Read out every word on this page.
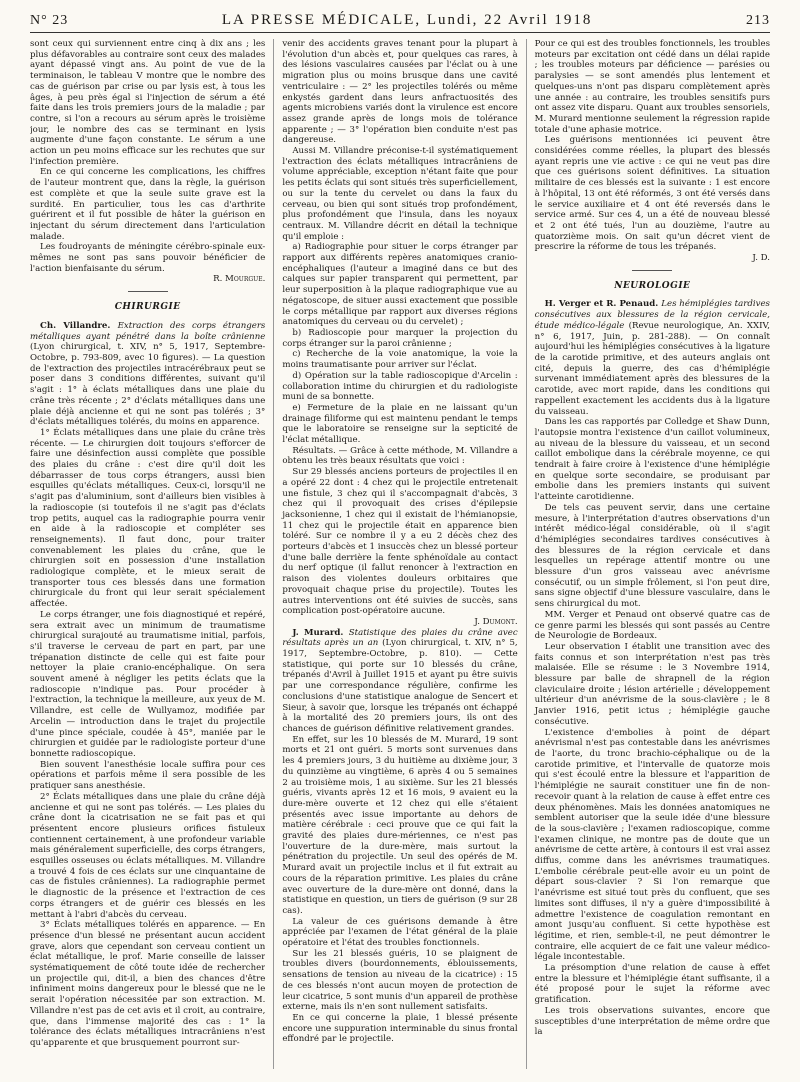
N° 23	LA PRESSE MÉDICALE, Lundi, 22 Avril 1918	213

sont ceux qui surviennent entre cinq à dix ans ; les plus défavorables au contraire sont ceux des malades ayant dépassé vingt ans. Au point de vue de la terminaison, le tableau V montre que le nombre des cas de guérison par crise ou par lysis est, à tous les âges, à peu près égal si l'injection de sérum a été faite dans les trois premiers jours de la maladie ; par contre, si l'on a recours au sérum après le troisième jour, le nombre des cas se terminant en lysis augmente d'une façon constante. Le sérum a une action un peu moins efficace sur les rechutes que sur l'infection première.

En ce qui concerne les complications, les chiffres de l'auteur montrent que, dans la règle, la guérison est complète et que la seule suite grave est la surdité. En particulier, tous les cas d'arthrite guérirent et il fut possible de hâter la guérison en injectant du sérum directement dans l'articulation malade.

Les foudroyants de méningite cérébro-spinale eux-mêmes ne sont pas sans pouvoir bénéficier de l'action bienfaisante du sérum.

R. Mourgue.
CHIRURGIE

Ch. Villandre. Extraction des corps étrangers métalliques ayant pénétré dans la boîte crânienne (Lyon chirurgical, t. XIV, n° 5, 1917, Septembre-Octobre, p. 793-809, avec 10 figures). — La question de l'extraction des projectiles intracérébraux peut se poser dans 3 conditions différentes, suivant qu'il s'agit : 1° à éclats métalliques dans une plaie du crâne très récente ; 2° d'éclats métalliques dans une plaie déjà ancienne et qui ne sont pas tolérés ; 3° d'éclats métalliques tolérés, du moins en apparence.

1° Éclats métalliques dans une plaie du crâne très récente. — Le chirurgien doit toujours s'efforcer de faire une désinfection aussi complète que possible des plaies du crâne : c'est dire qu'il doit les débarrasser de tous corps étrangers, aussi bien esquilles qu'éclats métalliques. Ceux-ci, lorsqu'il ne s'agit pas d'aluminium, sont d'ailleurs bien visibles à la radioscopie (si toutefois il ne s'agit pas d'éclats trop petits, auquel cas la radiographie pourra venir en aide à la radioscopie et compléter ses renseignements). Il faut donc, pour traiter convenablement les plaies du crâne, que le chirurgien soit en possession d'une installation radiologique complète, et le mieux serait de transporter tous ces blessés dans une formation chirurgicale du front qui leur serait spécialement affectée.

Le corps étranger, une fois diagnostiqué et repéré, sera extrait avec un minimum de traumatisme chirurgical surajouté au traumatisme initial, parfois, s'il traverse le cerveau de part en part, par une trépanation distincte de celle qui est faite pour nettoyer la plaie cranio-encéphalique. On sera souvent amené à négliger les petits éclats que la radioscopie n'indique pas. Pour procéder à l'extraction, la technique la meilleure, aux yeux de M. Villandre, est celle de Wullyamoz, modifiée par Arcelin — introduction dans le trajet du projectile d'une pince spéciale, coudée à 45°, maniée par le chirurgien et guidée par le radiologiste porteur d'une bonnette radioscopique.

Bien souvent l'anesthésie locale suffira pour ces opérations et parfois même il sera possible de les pratiquer sans anesthésie.

2° Éclats métalliques dans une plaie du crâne déjà ancienne et qui ne sont pas tolérés. — Les plaies du crâne dont la cicatrisation ne se fait pas et qui présentent encore plusieurs orifices fistuleux contiennent certainement, à une profondeur variable mais généralement superficielle, des corps étrangers, esquilles osseuses ou éclats métalliques. M. Villandre a trouvé 4 fois de ces éclats sur une cinquantaine de cas de fistules crâniennes). La radiographie permet le diagnostic de la présence et l'extraction de ces corps étrangers et de guérir ces blessés en les mettant à l'abri d'abcès du cerveau.

3° Éclats métalliques tolérés en apparence. — En présence d'un blessé ne présentant aucun accident grave, alors que cependant son cerveau contient un éclat métallique, le prof. Marie conseille de laisser systématiquement de côté toute idée de rechercher un projectile qui, dit-il, a bien des chances d'être infiniment moins dangereux pour le blessé que ne le serait l'opération nécessitée par son extraction. M. Villandre n'est pas de cet avis et il croit, au contraire, que, dans l'immense majorité des cas : 1° la tolérance des éclats métalliques intracrâniens n'est qu'apparente et que brusquement pourront sur-

venir des accidents graves tenant pour la plupart à l'évolution d'un abcès et, pour quelques cas rares, à des lésions vasculaires causées par l'éclat ou à une migration plus ou moins brusque dans une cavité ventriculaire : — 2° les projectiles tolérés ou même enkystés gardent dans leurs anfractuosités des agents microbiens variés dont la virulence est encore assez grande après de longs mois de tolérance apparente ; — 3° l'opération bien conduite n'est pas dangereuse.

Aussi M. Villandre préconise-t-il systématiquement l'extraction des éclats métalliques intracrâniens de volume appréciable, exception n'étant faite que pour les petits éclats qui sont situés très superficiellement, ou sur la tente du cervelet ou dans la faux du cerveau, ou bien qui sont situés trop profondément, plus profondément que l'insula, dans les noyaux centraux. M. Villandre décrit en détail la technique qu'il emploie :

a) Radiographie pour situer le corps étranger par rapport aux différents repères anatomiques cranio-encéphaliques (l'auteur a imaginé dans ce but des calques sur papier transparent qui permettent, par leur superposition à la plaque radiographique vue au négatoscope, de situer aussi exactement que possible le corps métallique par rapport aux diverses régions anatomiques du cerveau ou du cervelet) ;

b) Radioscopie pour marquer la projection du corps étranger sur la paroi crânienne ;

c) Recherche de la voie anatomique, la voie la moins traumatisante pour arriver sur l'éclat.

d) Opération sur la table radioscopique d'Arcelin : collaboration intime du chirurgien et du radiologiste muni de sa bonnette.

e) Fermeture de la plaie en ne laissant qu'un drainage filiforme qui est maintenu pendant le temps que le laboratoire se renseigne sur la septicité de l'éclat métallique.

Résultats. — Grâce à cette méthode, M. Villandre a obtenu les très beaux résultats que voici :

Sur 29 blessés anciens porteurs de projectiles il en a opéré 22 dont : 4 chez qui le projectile entretenait une fistule, 3 chez qui il s'accompagnait d'abcès, 3 chez qui il provoquait des crises d'épilepsie jacksonienne, 1 chez qui il existait de l'hémianopsie, 11 chez qui le projectile était en apparence bien toléré. Sur ce nombre il y a eu 2 décès chez des porteurs d'abcès et 1 insuccès chez un blessé porteur d'une balle derrière la fente sphénoïdale au contact du nerf optique (il fallut renoncer à l'extraction en raison des violentes douleurs orbitaires que provoquait chaque prise du projectile). Toutes les autres interventions ont été suivies de succès, sans complication post-opératoire aucune.

J. Dumont.

J. Murard. Statistique des plaies du crâne avec résultats après un an (Lyon chirurgical, t. XIV, n° 5, 1917, Septembre-Octobre, p. 810). — Cette statistique, qui porte sur 10 blessés du crâne, trépanés d'Avril à Juillet 1915 et ayant pu être suivis par une correspondance régulière, confirme les conclusions d'une statistique analogue de Sencert et Sieur, à savoir que, lorsque les trépanés ont échappé à la mortalité des 20 premiers jours, ils ont des chances de guérison définitive relativement grandes.

En effet, sur les 10 blessés de M. Murard, 19 sont morts et 21 ont guéri. 5 morts sont survenues dans les 4 premiers jours, 3 du huitième au dixième jour, 3 du quinzième au vingtième, 6 après 4 ou 5 semaines 2 au troisième mois, 1 au sixième. Sur les 21 blessés guéris, vivants après 12 et 16 mois, 9 avaient eu la dure-mère ouverte et 12 chez qui elle s'étaient présentés avec issue importante au dehors de matière cérébrale : ceci prouve que ce qui fait la gravité des plaies dure-mériennes, ce n'est pas l'ouverture de la dure-mère, mais surtout la pénétration du projectile. Un seul des opérés de M. Murard avait un projectile inclus et il fut extrait au cours de la réparation primitive. Les plaies du crâne avec ouverture de la dure-mère ont donné, dans la statistique en question, un tiers de guérison (9 sur 28 cas).

La valeur de ces guérisons demande à être appréciée par l'examen de l'état général de la plaie opératoire et l'état des troubles fonctionnels.

Sur les 21 blessés guéris, 10 se plaignent de troubles divers (bourdonnements, éblouissements, sensations de tension au niveau de la cicatrice) : 15 de ces blessés n'ont aucun moyen de protection de leur cicatrice, 5 sont munis d'un appareil de prothèse externe, mais ils n'en sont nullement satisfaits.

En ce qui concerne la plaie, 1 blessé présente encore une suppuration interminable du sinus frontal effondré par le projectile.

Pour ce qui est des troubles fonctionnels, les troubles moteurs par excitation ont cédé dans un délai rapide ; les troubles moteurs par déficience — parésies ou paralysies — se sont amendés plus lentement et quelques-uns n'ont pas disparu complètement après une année : au contraire, les troubles sensitifs purs ont assez vite disparu. Quant aux troubles sensoriels, M. Murard mentionne seulement la régression rapide totale d'une aphasie motrice.

Les guérisons mentionnées ici peuvent être considérées comme réelles, la plupart des blessés ayant repris une vie active : ce qui ne veut pas dire que ces guérisons soient définitives. La situation militaire de ces blessés est la suivante : 1 est encore à l'hôpital, 13 ont été réformés, 3 ont été versés dans le service auxiliaire et 4 ont été reversés dans le service armé. Sur ces 4, un a été de nouveau blessé et 2 ont été tués, l'un au douzième, l'autre au quatorzième mois. On sait qu'un décret vient de prescrire la réforme de tous les trépanés.

J. D.
NEUROLOGIE

H. Verger et R. Penaud. Les hémiplégies tardives consécutives aux blessures de la région cervicale, étude médico-légale (Revue neurologique, An. XXIV, n° 6, 1917, Juin, p. 281-288). — On connaît aujourd'hui les hémiplégies consécutives à la ligature de la carotide primitive, et des auteurs anglais ont cité, depuis la guerre, des cas d'hémiplégie survenant immédiatement après des blessures de la carotide, avec mort rapide, dans les conditions qui rappellent exactement les accidents dus à la ligature du vaisseau.

Dans les cas rapportés par Colledge et Shaw Dunn, l'autopsie montra l'existence d'un caillot volumineux, au niveau de la blessure du vaisseau, et un second caillot embolique dans la cérébrale moyenne, ce qui tendrait à faire croire à l'existence d'une hémiplégie en quelque sorte secondaire, se produisant par embolie dans les premiers instants qui suivent l'atteinte carotidienne.

De tels cas peuvent servir, dans une certaine mesure, à l'interprétation d'autres observations d'un intérêt médico-légal considérable, où il s'agit d'hémiplégies secondaires tardives consécutives à des blessures de la région cervicale et dans lesquelles un repérage attentif montre ou une blessure d'un gros vaisseau avec anévrisme consécutif, ou un simple frôlement, si l'on peut dire, sans signe objectif d'une blessure vasculaire, dans le sens chirurgical du mot.

MM. Verger et Penaud ont observé quatre cas de ce genre parmi les blessés qui sont passés au Centre de Neurologie de Bordeaux.

Leur observation I établit une transition avec des faits connus et son interprétation n'est pas très malaisée. Elle se résume : le 3 Novembre 1914, blessure par balle de shrapnell de la région claviculaire droite ; lésion artérielle ; développement ultérieur d'un anévrisme de la sous-clavière ; le 8 Janvier 1916, petit ictus ; hémiplégie gauche consécutive.

L'existence d'embolies à point de départ anévrismal n'est pas contestable dans les anévrismes de l'aorte, du tronc brachio-céphalique ou de la carotide primitive, et l'intervalle de quatorze mois qui s'est écoulé entre la blessure et l'apparition de l'hémiplégie ne saurait constituer une fin de non-recevoir quant à la relation de cause à effet entre ces deux phénomènes. Mais les données anatomiques ne semblent autoriser que la seule idée d'une blessure de la sous-clavière ; l'examen radioscopique, comme l'examen clinique, ne montre pas de doute que un anévrisme de cette artère, à contours il est vrai assez diffus, comme dans les anévrismes traumatiques. L'embolie cérébrale peut-elle avoir eu un point de départ sous-clavier ? Si l'on remarque que l'anévrisme est situé tout près du confluent, que ses limites sont diffuses, il n'y a guère d'impossibilité à admettre l'existence de coagulation remontant en amont jusqu'au confluent. Si cette hypothèse est légitime, et rien, semble-t-il, ne peut démontrer le contraire, elle acquiert de ce fait une valeur médico-légale incontestable.

La présomption d'une relation de cause à effet entre la blessure et l'hémiplégie étant suffisante, il a été proposé pour le sujet la réforme avec gratification.

Les trois observations suivantes, encore que susceptibles d'une interprétation de même ordre que la
